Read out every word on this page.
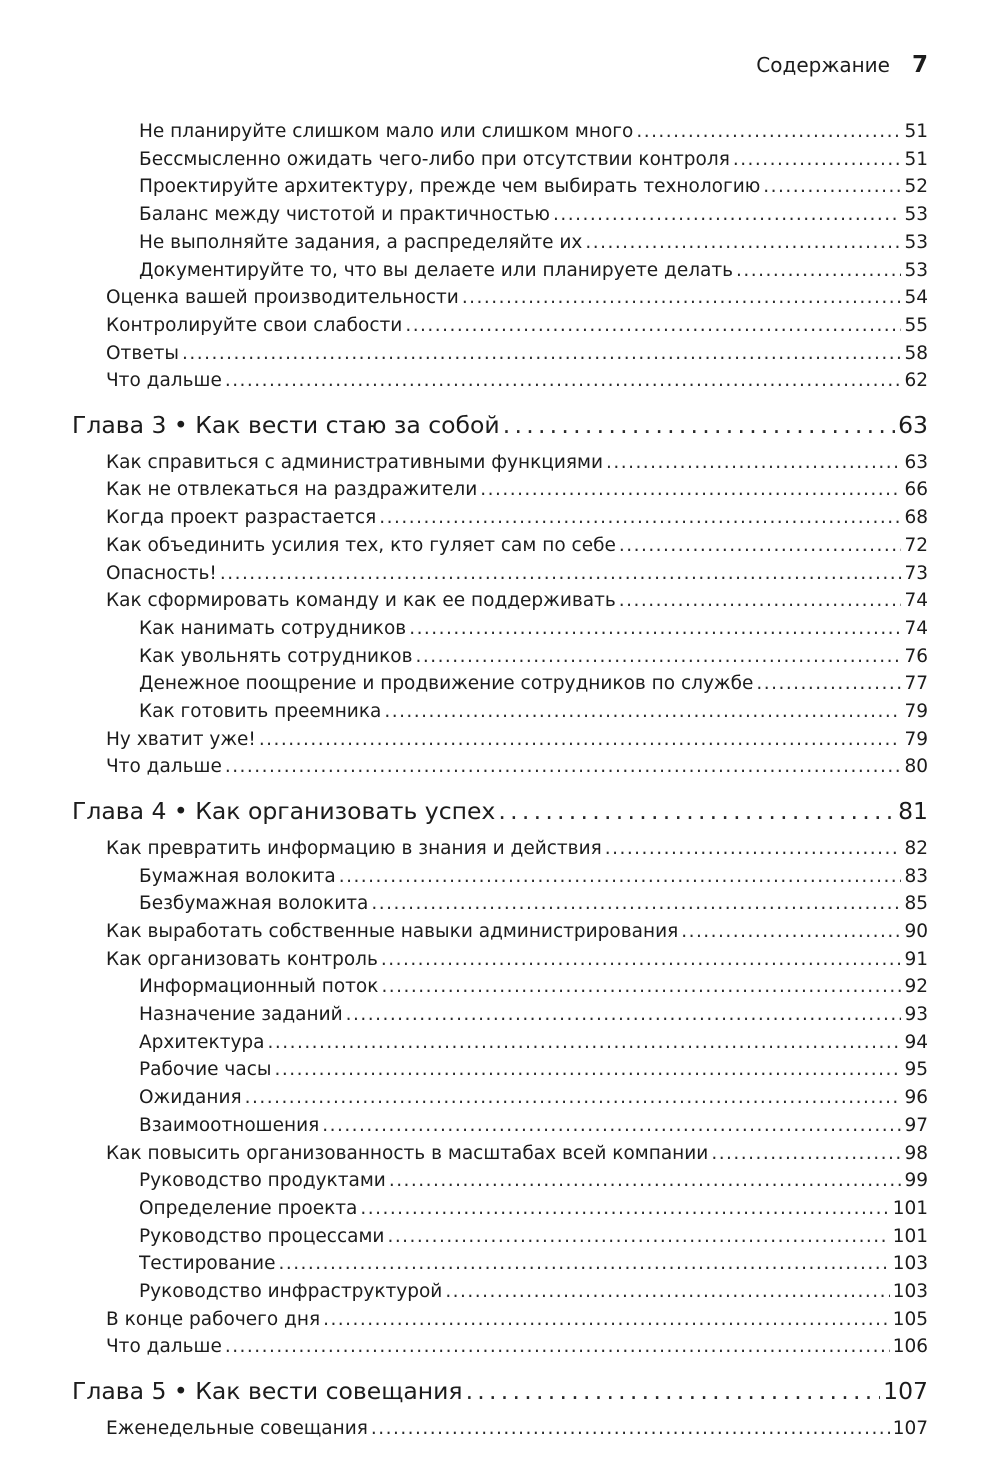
Содержание 7
Не планируйте слишком мало или слишком много . . .	51
Бессмысленно ожидать чего-либо при отсутствии контроля . . .	51
Проектируйте архитектуру, прежде чем выбирать технологию . . .	52
Баланс между чистотой и практичностью . . .	53
Не выполняйте задания, а распределяйте их . . .	53
Документируйте то, что вы делаете или планируете делать . . .	53
Оценка вашей производительности . . .	54
Контролируйте свои слабости . . .	55
Ответы . . .	58
Что дальше . . .	62
Глава 3 • Как вести стаю за собой . . .	63
Как справиться с административными функциями . . .	63
Как не отвлекаться на раздражители . . .	66
Когда проект разрастается . . .	68
Как объединить усилия тех, кто гуляет сам по себе . . .	72
Опасность! . . .	73
Как сформировать команду и как ее поддерживать . . .	74
Как нанимать сотрудников . . .	74
Как увольнять сотрудников . . .	76
Денежное поощрение и продвижение сотрудников по службе . . .	77
Как готовить преемника . . .	79
Ну хватит уже! . . .	79
Что дальше . . .	80
Глава 4 • Как организовать успех . . .	81
Как превратить информацию в знания и действия . . .	82
Бумажная волокита . . .	83
Безбумажная волокита . . .	85
Как выработать собственные навыки администрирования . . .	90
Как организовать контроль . . .	91
Информационный поток . . .	92
Назначение заданий . . .	93
Архитектура . . .	94
Рабочие часы . . .	95
Ожидания . . .	96
Взаимоотношения . . .	97
Как повысить организованность в масштабах всей компании . . .	98
Руководство продуктами . . .	99
Определение проекта . . .	101
Руководство процессами . . .	101
Тестирование . . .	103
Руководство инфраструктурой . . .	103
В конце рабочего дня . . .	105
Что дальше . . .	106
Глава 5 • Как вести совещания . . .	107
Еженедельные совещания . . .	107
